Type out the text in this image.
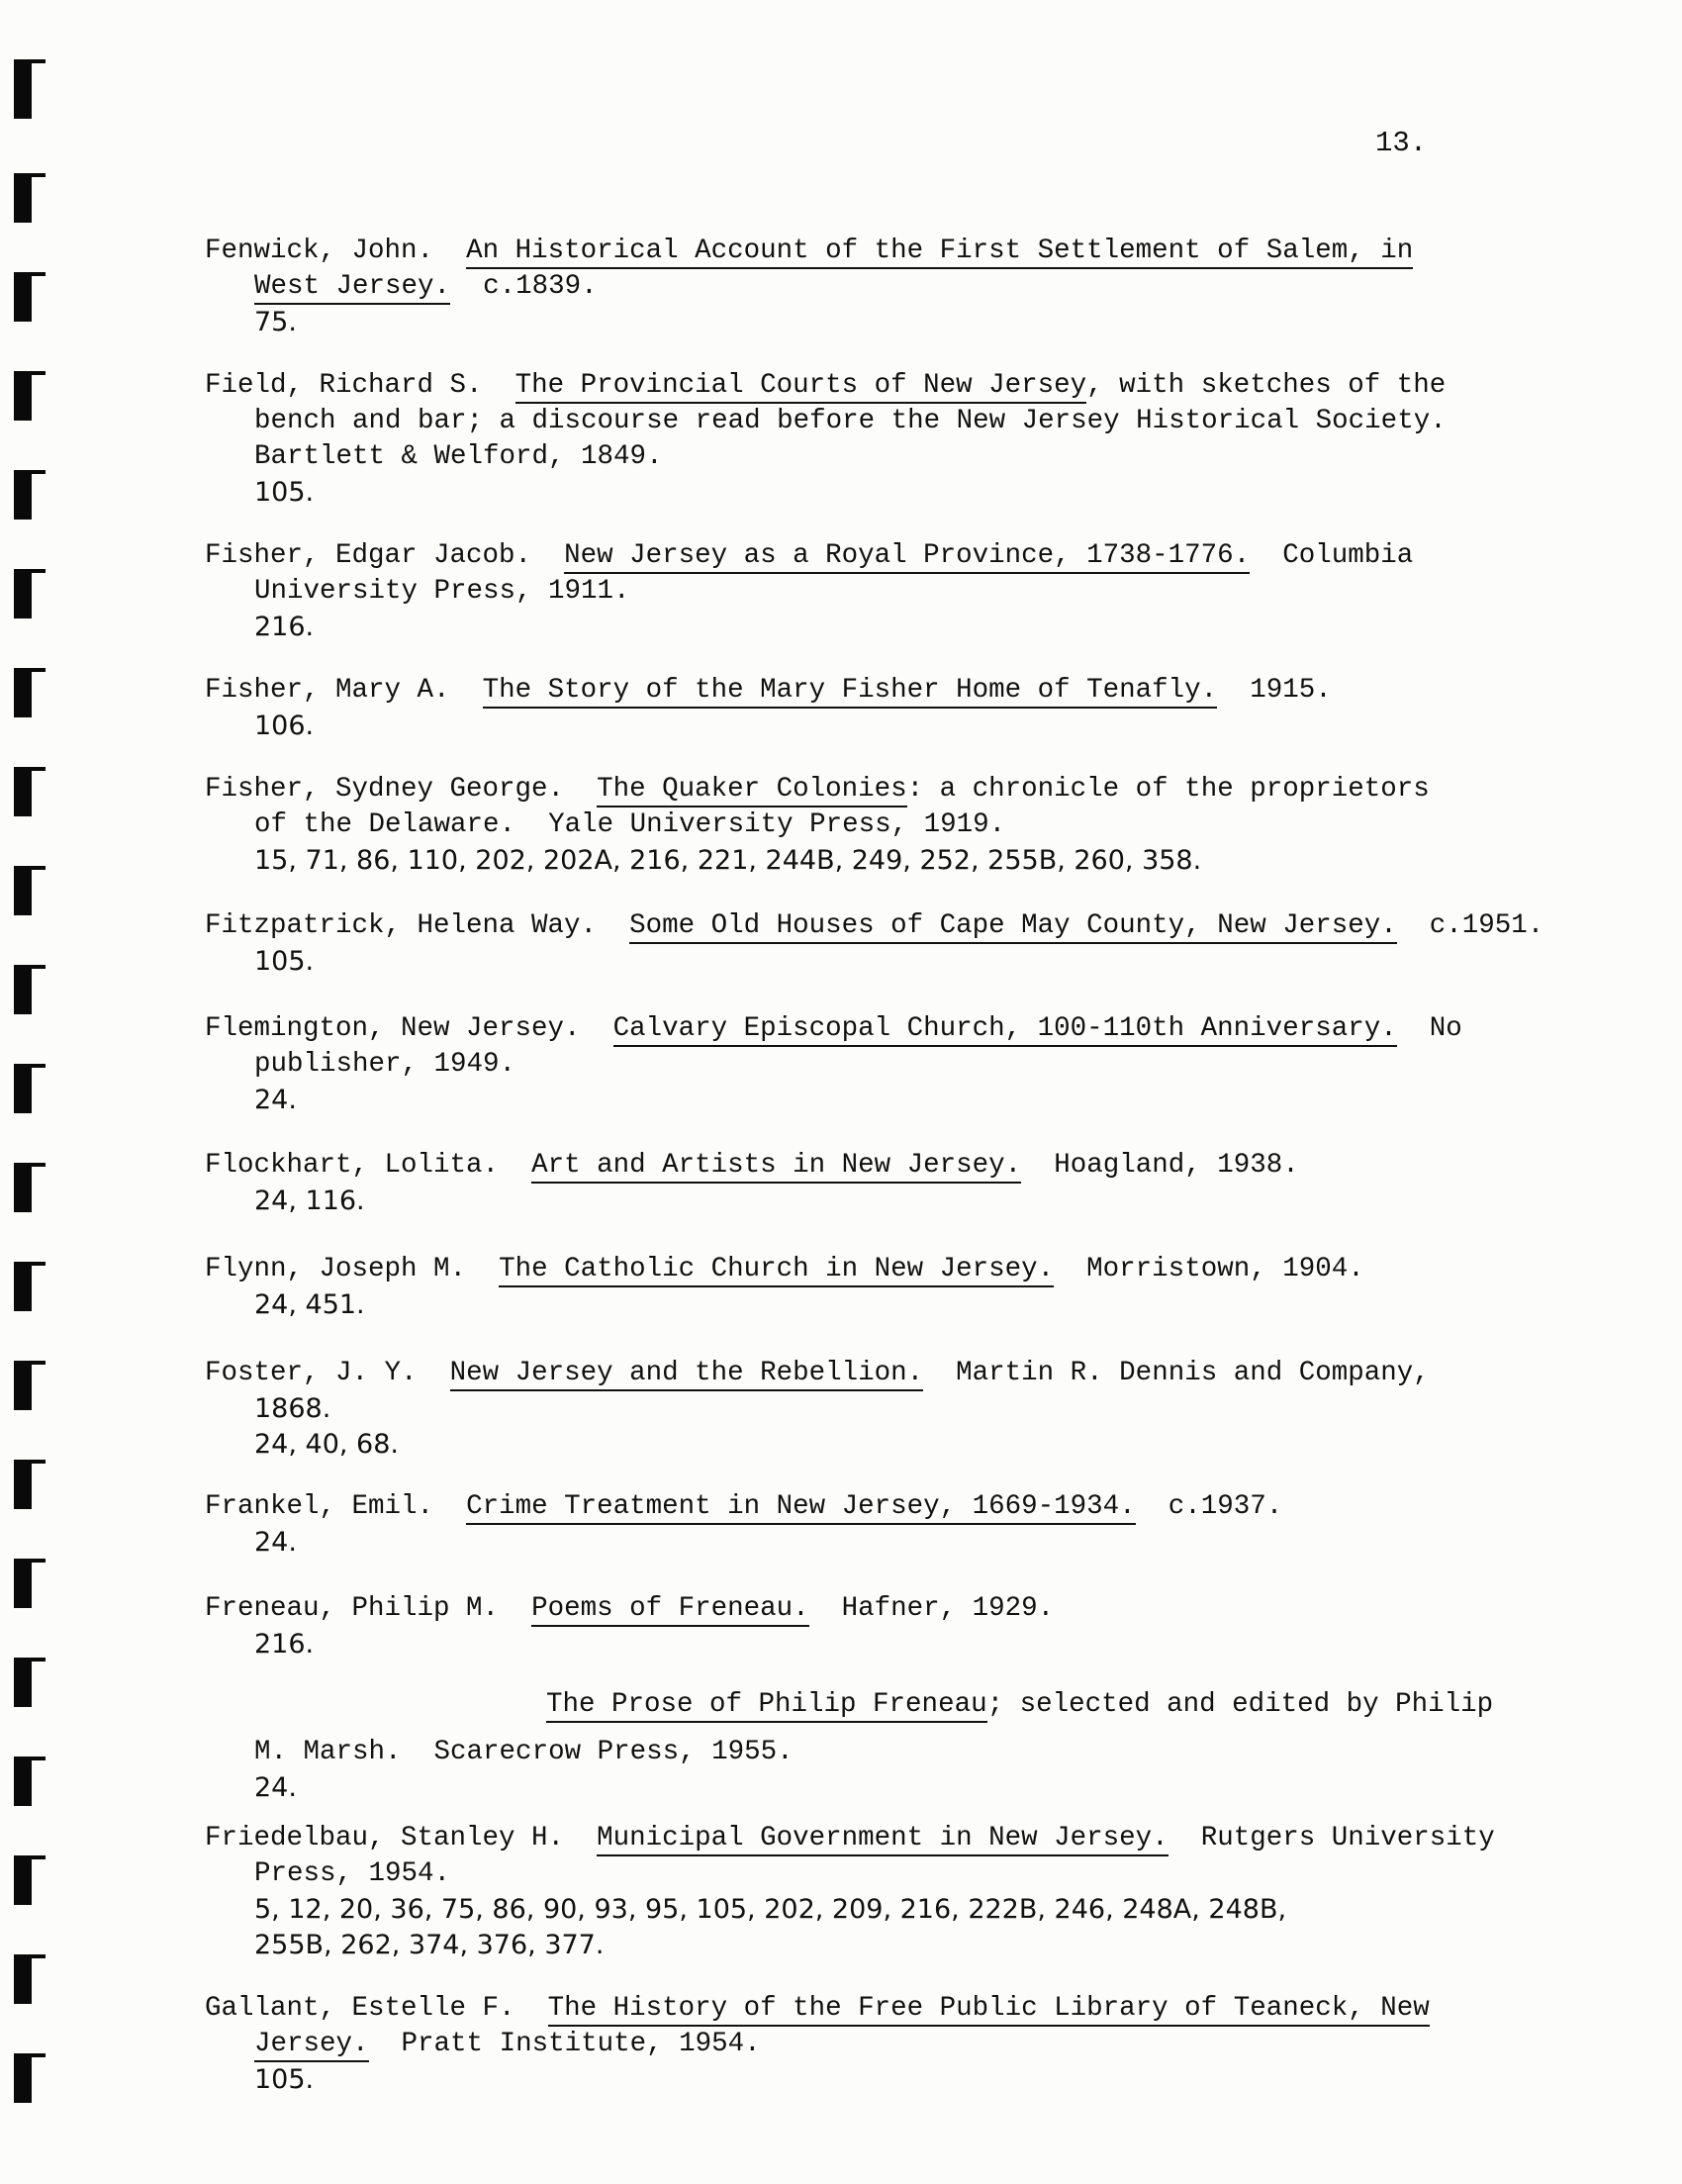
13.
Fenwick, John. An Historical Account of the First Settlement of Salem, in
West Jersey. c.1839.
75.
Field, Richard S. The Provincial Courts of New Jersey, with sketches of the
bench and bar; a discourse read before the New Jersey Historical Society.
Bartlett & Welford, 1849.
105.
Fisher, Edgar Jacob. New Jersey as a Royal Province, 1738-1776. Columbia
University Press, 1911.
216.
Fisher, Mary A. The Story of the Mary Fisher Home of Tenafly. 1915.
106.
Fisher, Sydney George. The Quaker Colonies: a chronicle of the proprietors
of the Delaware. Yale University Press, 1919.
15, 71, 86, 110, 202, 202A, 216, 221, 244B, 249, 252, 255B, 260, 358.
Fitzpatrick, Helena Way. Some Old Houses of Cape May County, New Jersey. c.1951.
105.
Flemington, New Jersey. Calvary Episcopal Church, 100-110th Anniversary. No
publisher, 1949.
24.
Flockhart, Lolita. Art and Artists in New Jersey. Hoagland, 1938.
24, 116.
Flynn, Joseph M. The Catholic Church in New Jersey. Morristown, 1904.
24, 451.
Foster, J. Y. New Jersey and the Rebellion. Martin R. Dennis and Company,
1868.
24, 40, 68.
Frankel, Emil. Crime Treatment in New Jersey, 1669-1934. c.1937.
24.
Freneau, Philip M. Poems of Freneau. Hafner, 1929.
216.
The Prose of Philip Freneau; selected and edited by Philip
M. Marsh. Scarecrow Press, 1955.
24.
Friedelbau, Stanley H. Municipal Government in New Jersey. Rutgers University
Press, 1954.
5, 12, 20, 36, 75, 86, 90, 93, 95, 105, 202, 209, 216, 222B, 246, 248A, 248B,
255B, 262, 374, 376, 377.
Gallant, Estelle F. The History of the Free Public Library of Teaneck, New
Jersey. Pratt Institute, 1954.
105.
